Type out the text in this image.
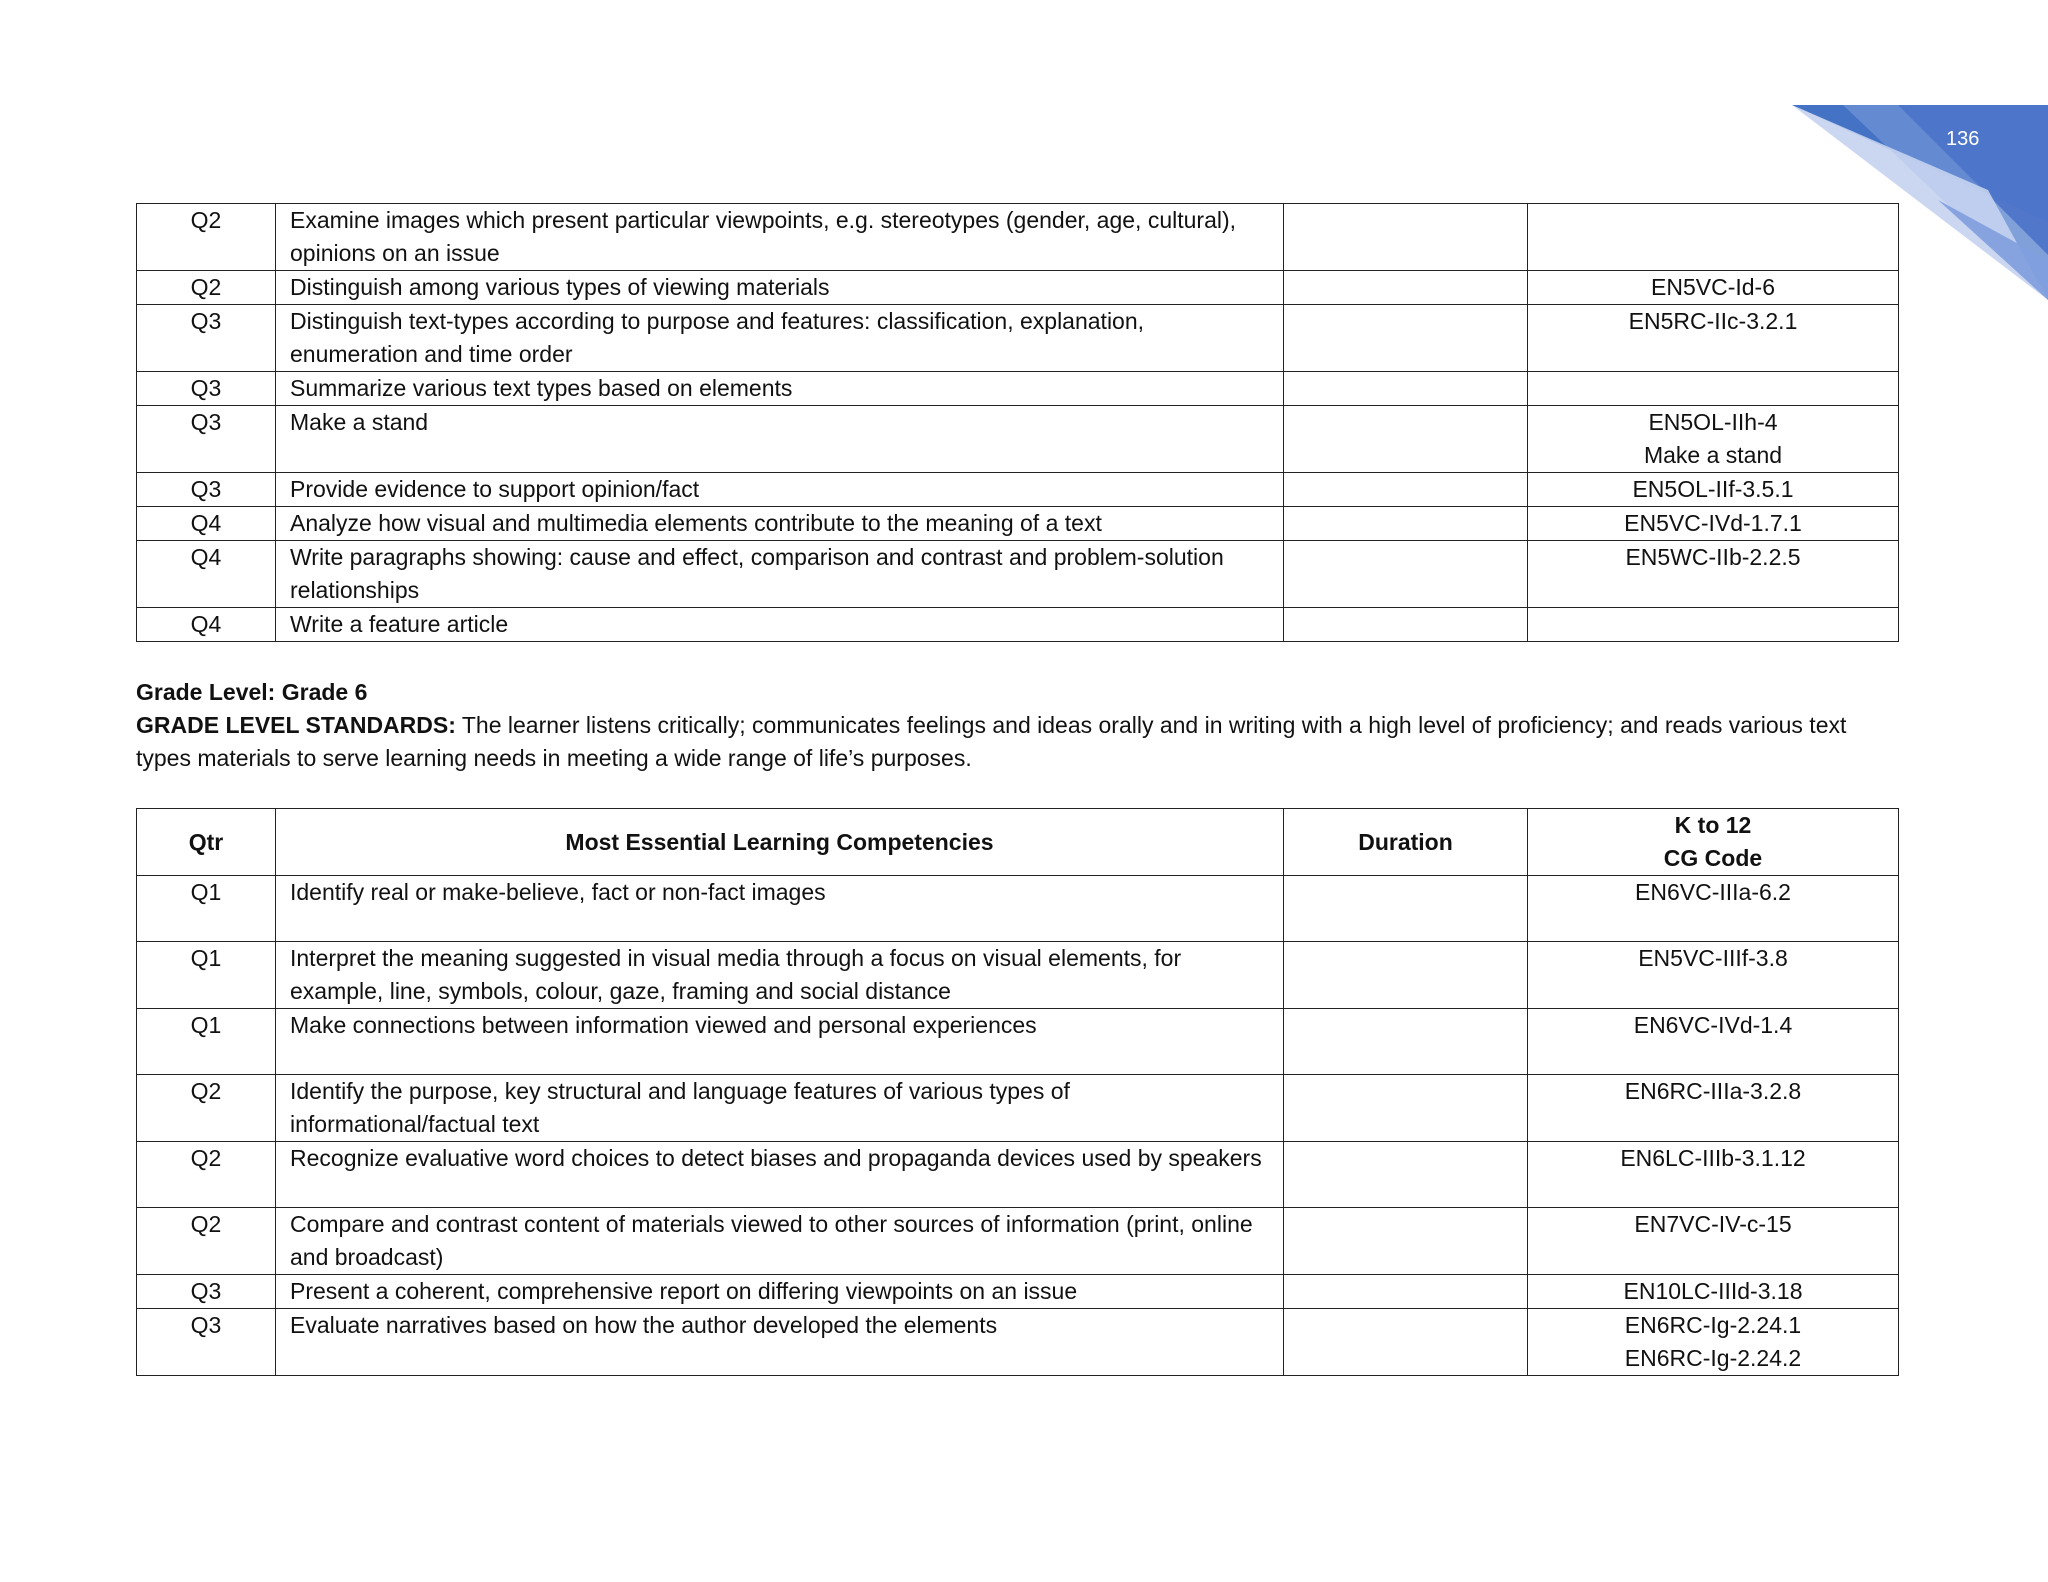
136
Q2	Examine images which present particular viewpoints, e.g. stereotypes (gender, age, cultural), opinions on an issue		
Q2	Distinguish among various types of viewing materials		EN5VC-Id-6
Q3	Distinguish text-types according to purpose and features: classification, explanation, enumeration and time order		EN5RC-IIc-3.2.1
Q3	Summarize various text types based on elements		
Q3	Make a stand		EN5OL-IIh-4
Make a stand
Q3	Provide evidence to support opinion/fact		EN5OL-IIf-3.5.1
Q4	Analyze how visual and multimedia elements contribute to the meaning of a text		EN5VC-IVd-1.7.1
Q4	Write paragraphs showing: cause and effect, comparison and contrast and problem-solution relationships		EN5WC-IIb-2.2.5
Q4	Write a feature article		
Grade Level: Grade 6
GRADE LEVEL STANDARDS: The learner listens critically; communicates feelings and ideas orally and in writing with a high level of proficiency; and reads various text types materials to serve learning needs in meeting a wide range of life’s purposes.
Qtr	Most Essential Learning Competencies	Duration	K to 12
CG Code
Q1	Identify real or make-believe, fact or non-fact images		EN6VC-IIIa-6.2
Q1	Interpret the meaning suggested in visual media through a focus on visual elements, for example, line, symbols, colour, gaze, framing and social distance		EN5VC-IIIf-3.8
Q1	Make connections between information viewed and personal experiences		EN6VC-IVd-1.4
Q2	Identify the purpose, key structural and language features of various types of informational/factual text		EN6RC-IIIa-3.2.8
Q2	Recognize evaluative word choices to detect biases and propaganda devices used by speakers		EN6LC-IIIb-3.1.12
Q2	Compare and contrast content of materials viewed to other sources of information (print, online and broadcast)		EN7VC-IV-c-15
Q3	Present a coherent, comprehensive report on differing viewpoints on an issue		EN10LC-IIId-3.18
Q3	Evaluate narratives based on how the author developed the elements		EN6RC-Ig-2.24.1
EN6RC-Ig-2.24.2
